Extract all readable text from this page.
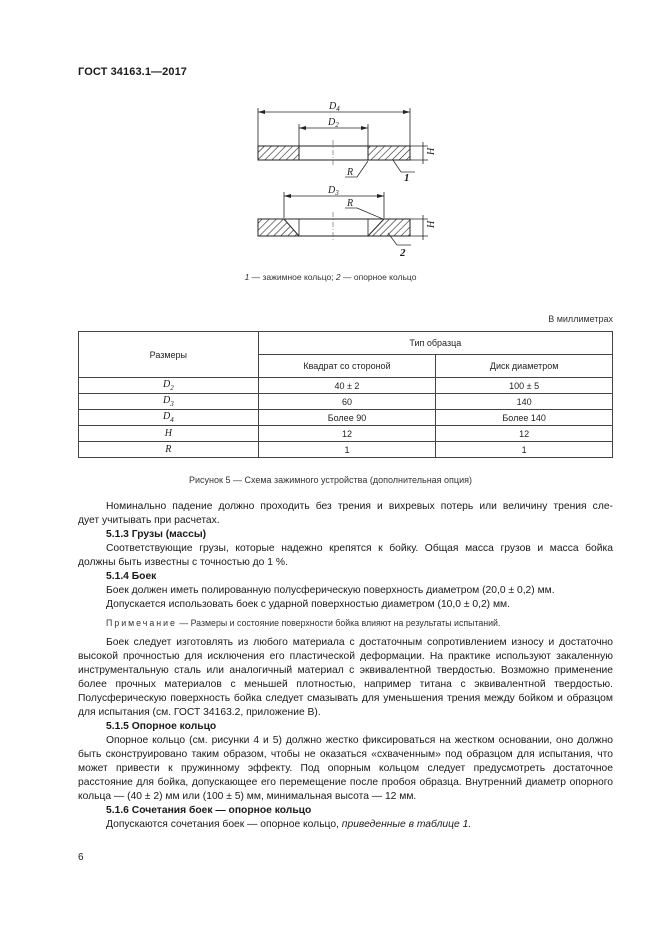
ГОСТ 34163.1—2017
$D_4$
$D_2$
H
R	1
$D_3$
H
R
2
1 — зажимное кольцо; 2 — опорное кольцо
В миллиметрах
Размеры	Тип образца	
	Квадрат со стороной	Диск диаметром
$D_2$	40 ± 2	100 ± 5
$D_3$	60	140
$D_4$	Более 90	Более 140
H	12	12
R	1	1
Рисунок 5 — Схема зажимного устройства (дополнительная опция)

Номинально падение должно проходить без трения и вихревых потерь или величину трения сле-

дует учитывать при расчетах.

5.1.3 Грузы (массы)

Соответствующие грузы, которые надежно крепятся к бойку. Общая масса грузов и масса бойка

должны быть известны с точностью до 1 %.

5.1.4 Боек

Боек должен иметь полированную полусферическую поверхность диаметром (20,0 ± 0,2) мм.

Допускается использовать боек с ударной поверхностью диаметром (10,0 ± 0,2) мм.

Примечание — Размеры и состояние поверхности бойка влияют на результаты испытаний.

Боек следует изготовлять из любого материала с достаточным сопротивлением износу и достаточно высокой прочностью для исключения его пластической деформации. На практике используют закаленную инструментальную сталь или аналогичный материал с эквивалентной твердостью. Возможно применение более прочных материалов с меньшей плотностью, например титана с эквивалентной твердостью. Полусферическую поверхность бойка следует смазывать для уменьшения трения между бойком и образцом для испытания (см. ГОСТ 34163.2, приложение В).

5.1.5 Опорное кольцо

Опорное кольцо (см. рисунки 4 и 5) должно жестко фиксироваться на жестком основании, оно должно быть сконструировано таким образом, чтобы не оказаться «схваченным» под образцом для испытания, что может привести к пружинному эффекту. Под опорным кольцом следует предусмотреть достаточное расстояние для бойка, допускающее его перемещение после пробоя образца. Внутренний диаметр опорного кольца — (40 ± 2) мм или (100 ± 5) мм, минимальная высота — 12 мм.

5.1.6 Сочетания боек — опорное кольцо

Допускаются сочетания боек — опорное кольцо, приведенные в таблице 1.

6
